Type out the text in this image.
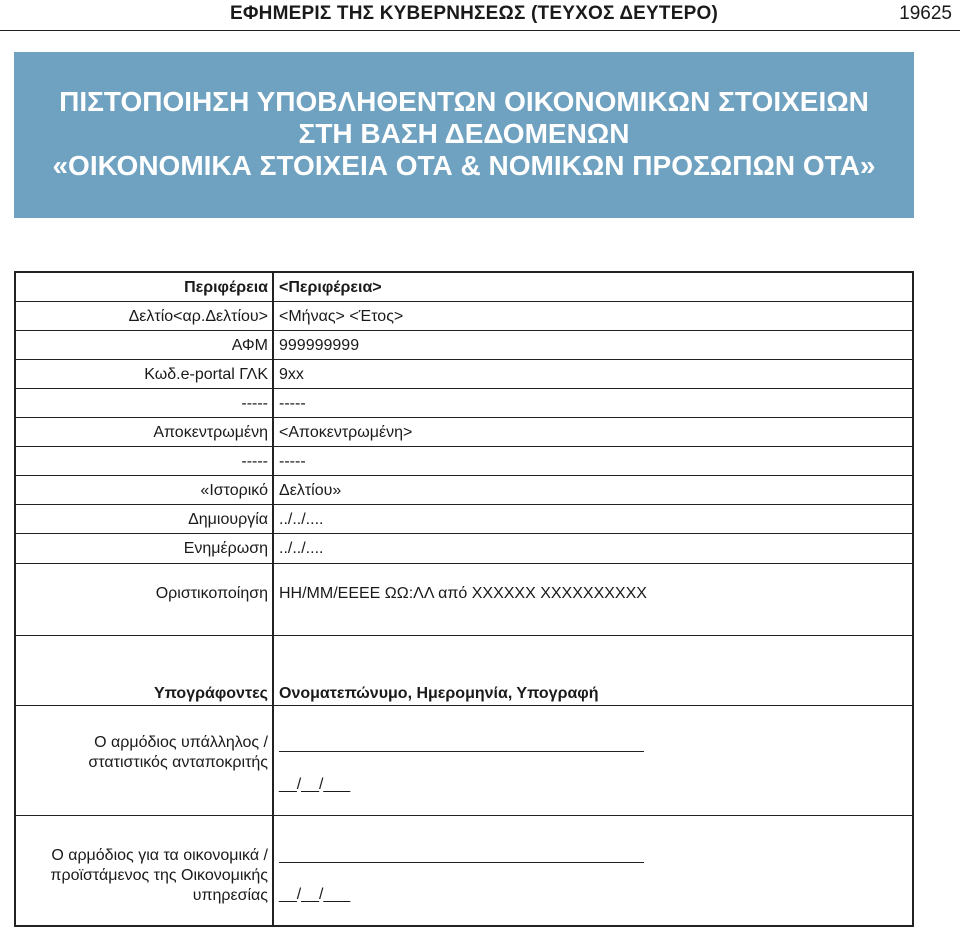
ΕΦΗΜΕΡΙΣ ΤΗΣ ΚΥΒΕΡΝΗΣΕΩΣ (ΤΕΥΧΟΣ ΔΕΥΤΕΡΟ)	19625
ΠΙΣΤΟΠΟΙΗΣΗ ΥΠΟΒΛΗΘΕΝΤΩΝ ΟΙΚΟΝΟΜΙΚΩΝ ΣΤΟΙΧΕΙΩΝ
ΣΤΗ ΒΑΣΗ ΔΕΔΟΜΕΝΩΝ
«ΟΙΚΟΝΟΜΙΚΑ ΣΤΟΙΧΕΙΑ ΟΤΑ & ΝΟΜΙΚΩΝ ΠΡΟΣΩΠΩΝ ΟΤΑ»
Περιφέρεια <Περιφέρεια>
Δελτίο<αρ.Δελτίου> <Μήνας> <Έτος>
ΑΦΜ 999999999
Κωδ.e-portal ΓΛΚ 9xx
----- -----
Αποκεντρωμένη <Αποκεντρωμένη>
----- -----
«Ιστορικό Δελτίου»
Δημιουργία ../../....
Ενημέρωση ../../....
Οριστικοποίηση ΗΗ/ΜΜ/ΕΕΕΕ ΩΩ:ΛΛ από XXXXXX XXXXXXXXXX
Υπογράφοντες Ονοματεπώνυμο, Ημερομηνία, Υπογραφή
Ο αρμόδιος υπάλληλος /
στατιστικός ανταποκριτής
__/__/___
Ο αρμόδιος για τα οικονομικά /
προϊστάμενος της Οικονομικής
υπηρεσίας __/__/___
